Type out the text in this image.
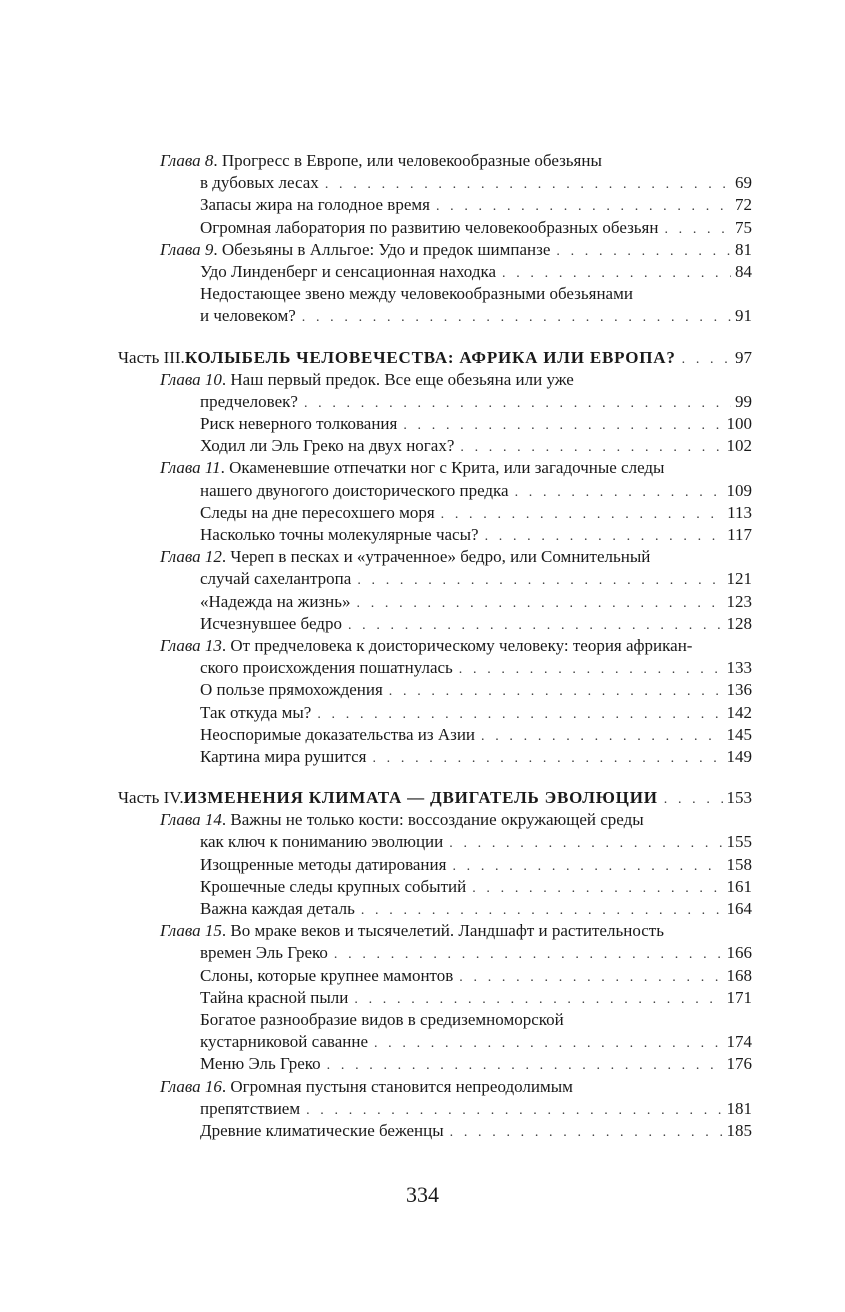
Глава 8 . Прогресс в Европе, или человекообразные обезьяны
в дубовых лесах . . .	69
Запасы жира на голодное время . . .	72
Огромная лаборатория по развитию человекообразных обезьян . . .	75
Глава 9 . Обезьяны в Алльгое: Удо и предок шимпанзе . . .	81
Удо Линденберг и сенсационная находка . . .	84
Недостающее звено между человекообразными обезьянами
и человеком? . . .	91
Часть III. КОЛЫБЕЛЬ ЧЕЛОВЕЧЕСТВА: АФРИКА ИЛИ ЕВРОПА? . . .	97
Глава 10 . Наш первый предок. Все еще обезьяна или уже
предчеловек? . . .	99
Риск неверного толкования . . .	100
Ходил ли Эль Греко на двух ногах? . . .	102
Глава 11 . Окаменевшие отпечатки ног с Крита, или загадочные следы
нашего двуногого доисторического предка . . .	109
Следы на дне пересохшего моря . . .	113
Насколько точны молекулярные часы? . . .	117
Глава 12 . Череп в песках и «утраченное» бедро, или Сомнительный
случай сахелантропа . . .	121
«Надежда на жизнь» . . .	123
Исчезнувшее бедро . . .	128
Глава 13 . От предчеловека к доисторическому человеку: теория африкан-
ского происхождения пошатнулась . . .	133
О пользе прямохождения . . .	136
Так откуда мы? . . .	142
Неоспоримые доказательства из Азии . . .	145
Картина мира рушится . . .	149
Часть IV. ИЗМЕНЕНИЯ КЛИМАТА — ДВИГАТЕЛЬ ЭВОЛЮЦИИ . . .	153
Глава 14 . Важны не только кости: воссоздание окружающей среды
как ключ к пониманию эволюции . . .	155
Изощренные методы датирования . . .	158
Крошечные следы крупных событий . . .	161
Важна каждая деталь . . .	164
Глава 15 . Во мраке веков и тысячелетий. Ландшафт и растительность
времен Эль Греко . . .	166
Слоны, которые крупнее мамонтов . . .	168
Тайна красной пыли . . .	171
Богатое разнообразие видов в средиземноморской
кустарниковой саванне . . .	174
Меню Эль Греко . . .	176
Глава 16 . Огромная пустыня становится непреодолимым
препятствием . . .	181
Древние климатические беженцы . . .	185
334
